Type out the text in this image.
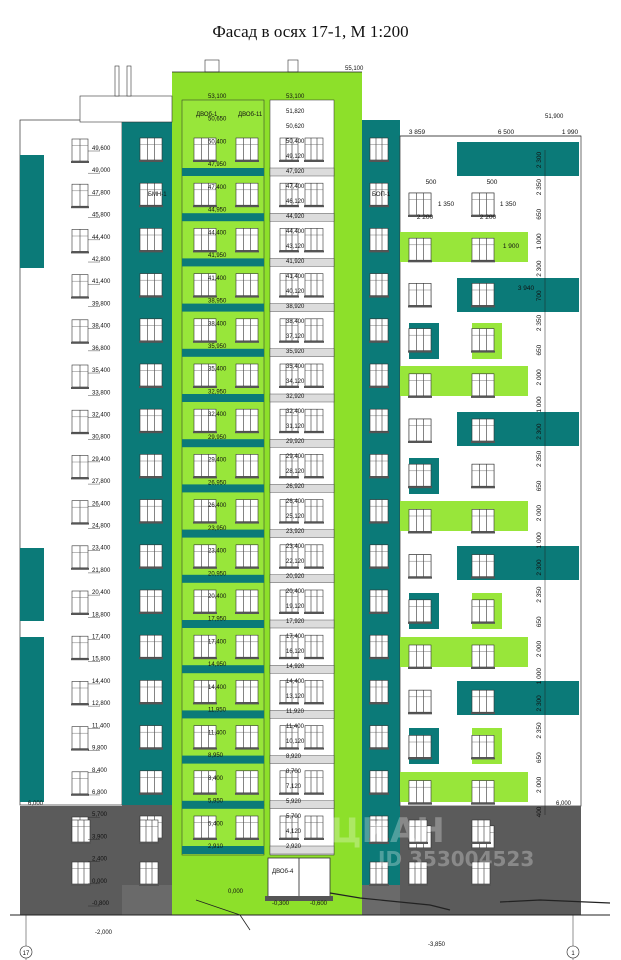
Фасад в осях 17-1, М 1:200
17	1
3 859	6 500	1 990
55,100
51,900
49,600
49,000
47,800
45,800
44,400
42,800
41,400
39,800
38,400
36,800
35,400
33,800
32,400
30,800
29,400
27,800
26,400
24,800
23,400
21,800
20,400
18,800
17,400
15,800
14,400
12,800
11,400
9,800
8,400
6,800
5,700
3,900
2,400
0,000
-0,800
53,100
50,650
50,400
47,950
47,400
44,950
44,400
41,950
41,400
38,950
38,400
35,950
35,400
32,950
32,400
29,950
29,400
26,950
26,400
23,950
23,400
20,950
20,400
17,950
17,400
14,950
14,400
11,950
11,400
8,950
8,400
5,950
5,400
2,910
53,100
51,820
50,620
50,400
49,120
47,920
47,400
46,120
44,920
44,400
43,120
41,920
41,400
40,120
38,920
38,400
37,120
35,920
35,400
34,120
32,920
32,400
31,120
29,920
29,400
28,120
26,920
26,400
25,120
23,920
23,400
22,120
20,920
20,400
19,120
17,920
17,400
16,120
14,920
14,400
13,120
11,920
11,400
10,120
8,920
8,700
7,120
5,920
5,700
4,120
2,920
6,000	6,000
0,000
-0,300	-0,600
-2,000
-3,850
2 300
2 350
650
1 000
2 300
700
2 350
650
2 000
1 000
2 300
2 350
650
2 000
1 000
2 300
2 350
650
2 000
1 000
2 300
2 350
650
2 000
400
500	500
1 350	1 350
2 200	2 200
1 900
3 940
БМН-1
ДВОб-1	ДВОб-11
БОП-1
ДВОб-4
ЦИАН
ID 353004523
